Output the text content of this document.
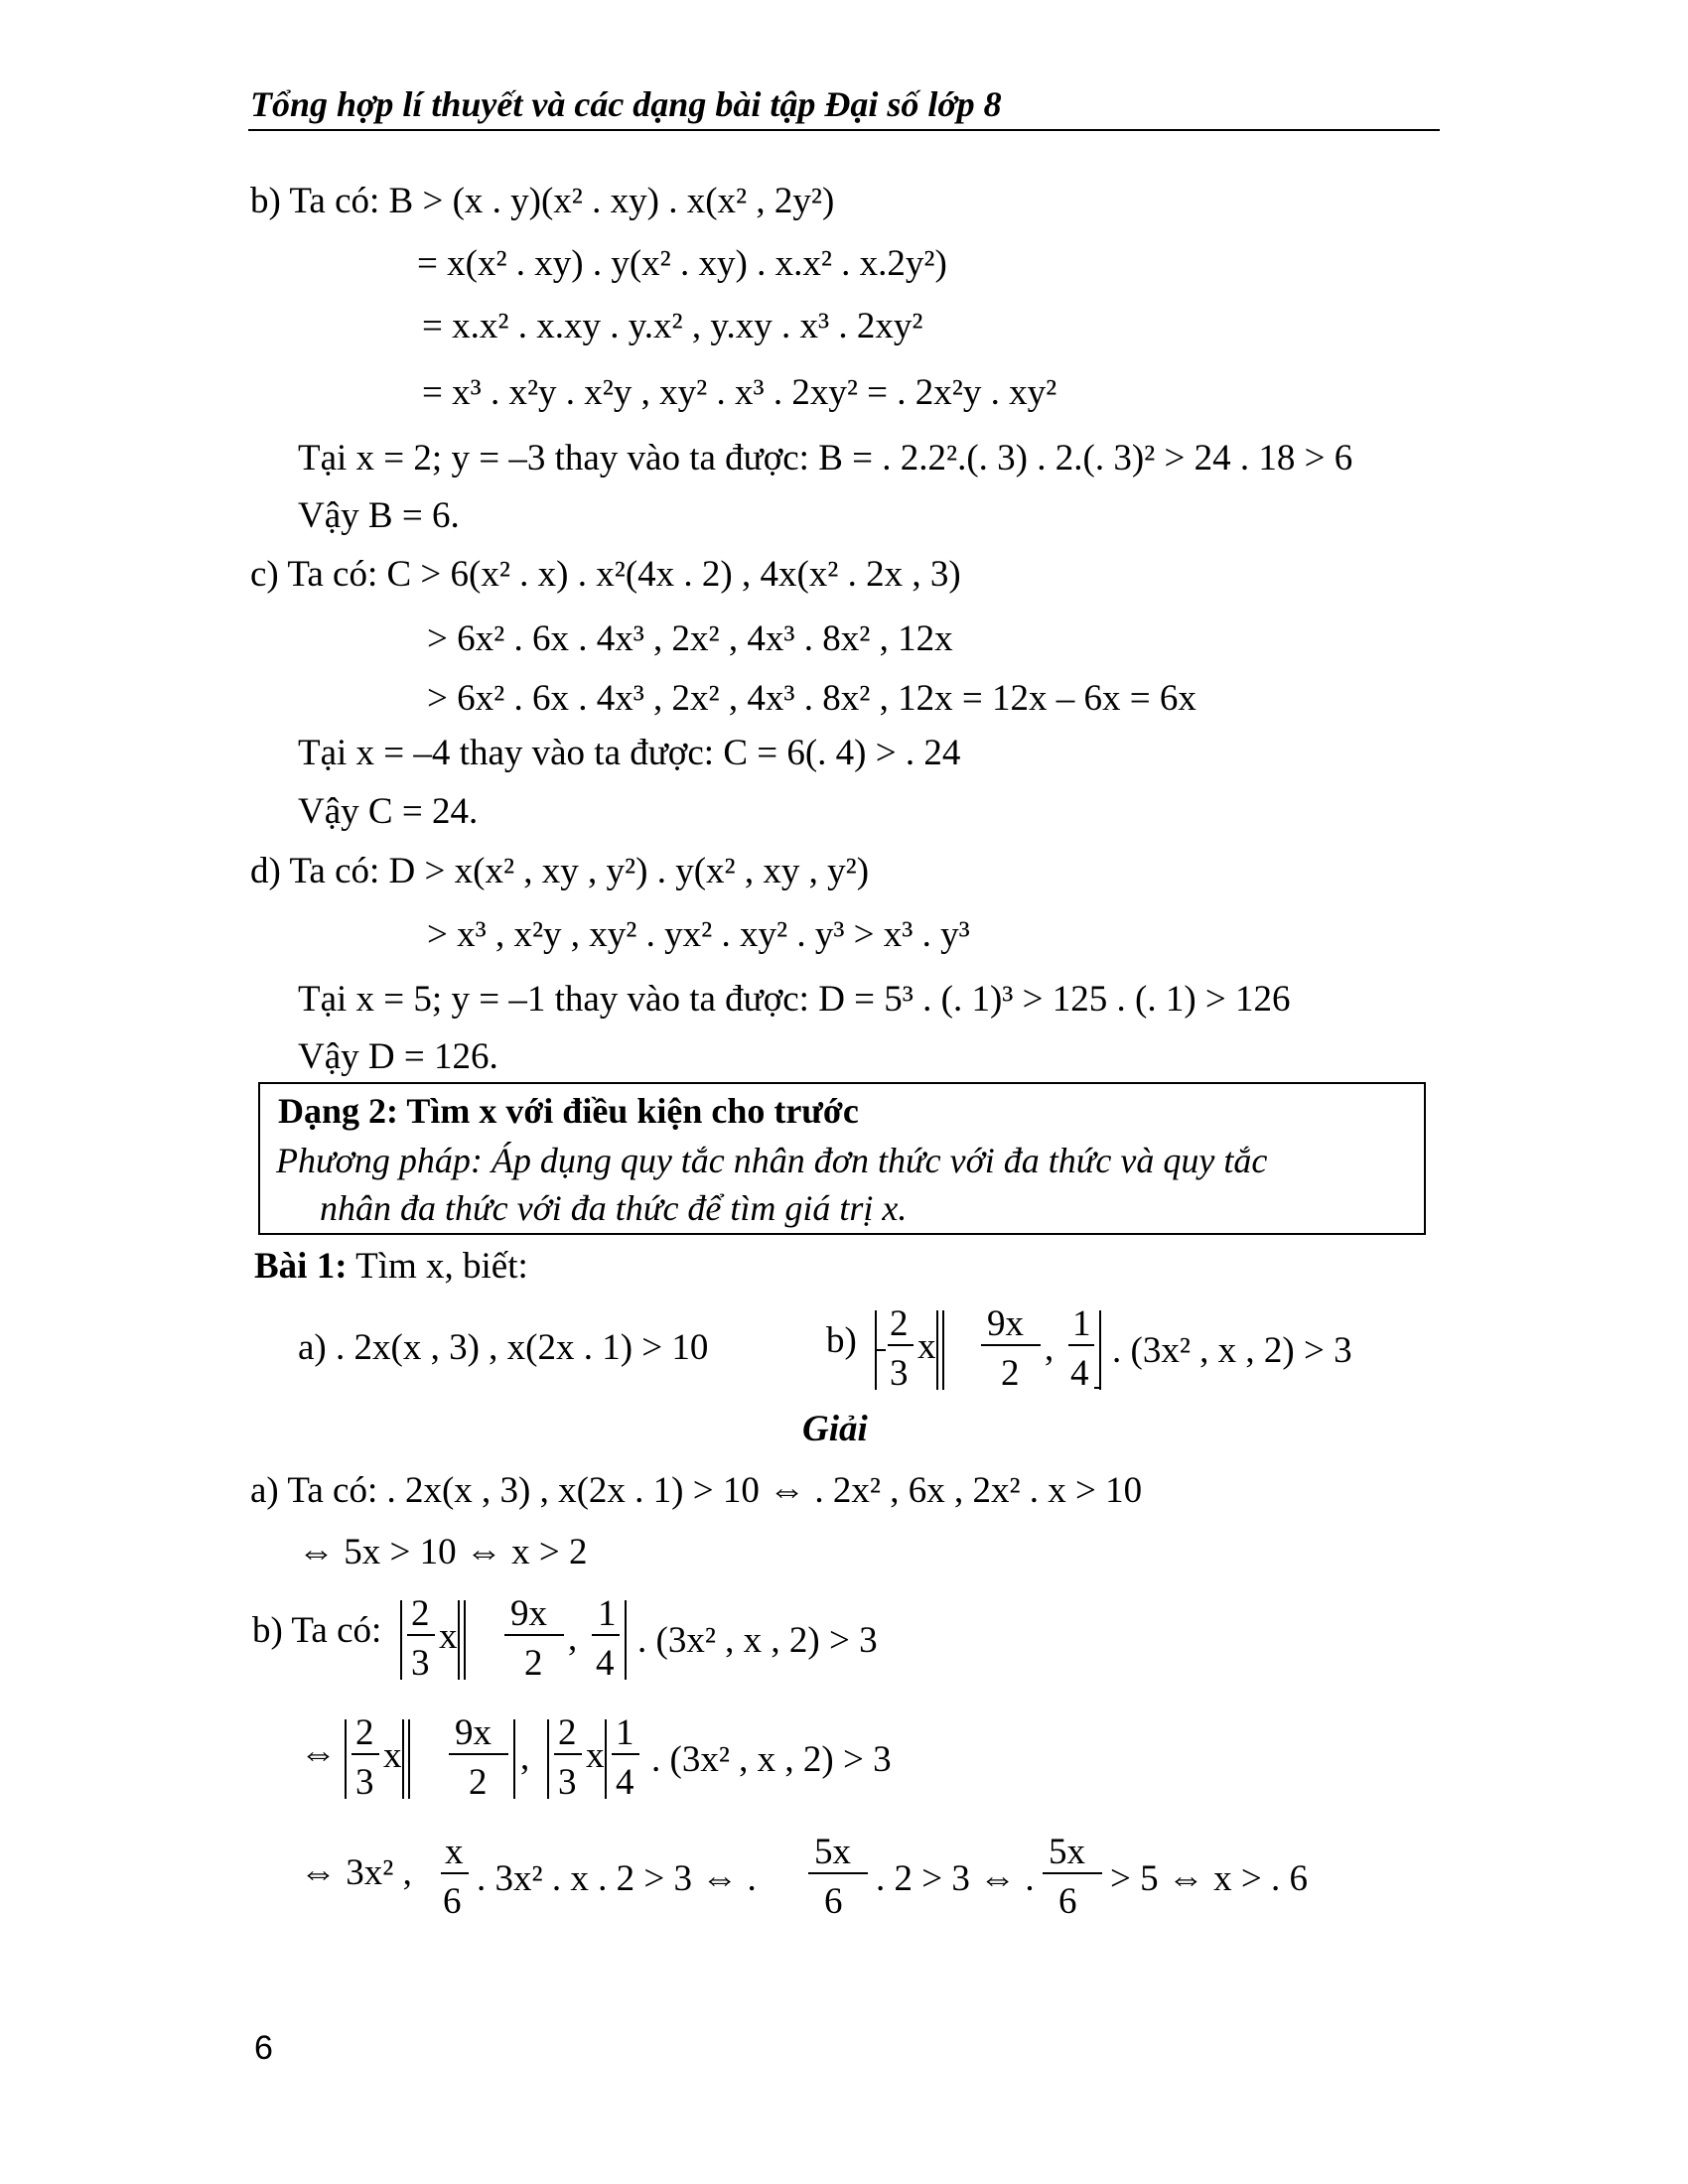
Tổng hợp lí thuyết và các dạng bài tập Đại số lớp 8
b) Ta có: B > (x . y)(x² . xy) . x(x² , 2y²)
= x(x² . xy) . y(x² . xy) . x.x² . x.2y²)
= x.x² . x.xy . y.x² , y.xy . x³ . 2xy²
= x³ . x²y . x²y , xy² . x³ . 2xy² = . 2x²y . xy²
Tại x = 2; y = –3 thay vào ta được: B = . 2.2².(. 3) . 2.(. 3)² > 24 . 18 > 6
Vậy B = 6.
c) Ta có: C > 6(x² . x) . x²(4x . 2) , 4x(x² . 2x , 3)
> 6x² . 6x . 4x³ , 2x² , 4x³ . 8x² , 12x
> 6x² . 6x . 4x³ , 2x² , 4x³ . 8x² , 12x = 12x – 6x = 6x
Tại x = –4 thay vào ta được: C = 6(. 4) > . 24
Vậy C = 24.
d) Ta có: D > x(x² , xy , y²) . y(x² , xy , y²)
> x³ , x²y , xy² . yx² . xy² . y³ > x³ . y³
Tại x = 5; y = –1 thay vào ta được: D = 5³ . (. 1)³ > 125 . (. 1) > 126
Vậy D = 126.
Dạng 2: Tìm x với điều kiện cho trước
Phương pháp: Áp dụng quy tắc nhân đơn thức với đa thức và quy tắc
nhân đa thức với đa thức để tìm giá trị x.
Bài 1: Tìm x, biết:
a) . 2x(x , 3) , x(2x . 1) > 10	b) 2
3
x
9x
2
,
1
4
. (3x² , x , 2) > 3
Giải
a) Ta có: . 2x(x , 3) , x(2x . 1) > 10 ⇔ . 2x² , 6x , 2x² . x > 10
⇔ 5x > 10 ⇔ x > 2
b) Ta có: 2
3
x
9x
2
,
1
4
. (3x² , x , 2) > 3
⇔
2
3
x
9x
2
,
2
3
x
1
4
. (3x² , x , 2) > 3
⇔ 3x² ,
x
6
. 3x² . x . 2 > 3 ⇔ .
5x
6
. 2 > 3 ⇔ .
5x
6
> 5 ⇔ x > . 6
6
